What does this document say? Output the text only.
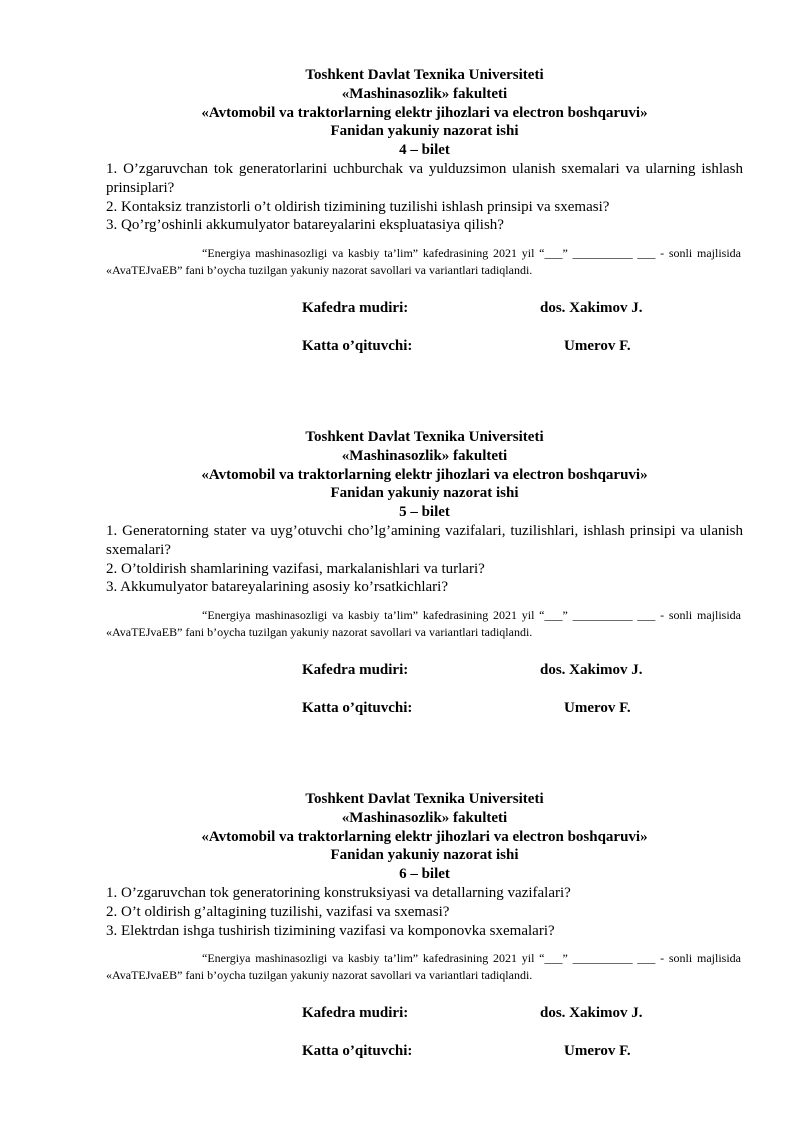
Toshkent Davlat Texnika Universiteti
«Mashinasozlik» fakulteti
«Avtomobil va traktorlarning elektr jihozlari va electron boshqaruvi»
Fanidan yakuniy nazorat ishi
4 – bilet
1. O’zgaruvchan tok generatorlarini uchburchak va yulduzsimon ulanish sxemalari va ularning ishlash prinsiplari?
2. Kontaksiz tranzistorli o’t oldirish tizimining tuzilishi ishlash prinsipi va sxemasi?
3. Qo’rg’oshinli akkumulyator batareyalarini ekspluatasiya qilish?
“Energiya mashinasozligi va kasbiy ta’lim” kafedrasining 2021 yil “___” __________ ___ - sonli majlisida «AvaTEJvaEB” fani b’oycha tuzilgan yakuniy nazorat savollari va variantlari tadiqlandi.
Kafedra mudiri:	dos. Xakimov J.
Katta o’qituvchi:	Umerov F.
Toshkent Davlat Texnika Universiteti
«Mashinasozlik» fakulteti
«Avtomobil va traktorlarning elektr jihozlari va electron boshqaruvi»
Fanidan yakuniy nazorat ishi
5 – bilet
1. Generatorning stater va uyg’otuvchi cho’lg’amining vazifalari, tuzilishlari, ishlash prinsipi va ulanish sxemalari?
2. O’toldirish shamlarining vazifasi, markalanishlari va turlari?
3. Akkumulyator batareyalarining asosiy ko’rsatkichlari?
“Energiya mashinasozligi va kasbiy ta’lim” kafedrasining 2021 yil “___” __________ ___ - sonli majlisida «AvaTEJvaEB” fani b’oycha tuzilgan yakuniy nazorat savollari va variantlari tadiqlandi.
Kafedra mudiri:	dos. Xakimov J.
Katta o’qituvchi:	Umerov F.
Toshkent Davlat Texnika Universiteti
«Mashinasozlik» fakulteti
«Avtomobil va traktorlarning elektr jihozlari va electron boshqaruvi»
Fanidan yakuniy nazorat ishi
6 – bilet
1. O’zgaruvchan tok generatorining konstruksiyasi va detallarning vazifalari?
2. O’t oldirish g’altagining tuzilishi, vazifasi va sxemasi?
3. Elektrdan ishga tushirish tizimining vazifasi va komponovka sxemalari?
“Energiya mashinasozligi va kasbiy ta’lim” kafedrasining 2021 yil “___” __________ ___ - sonli majlisida «AvaTEJvaEB” fani b’oycha tuzilgan yakuniy nazorat savollari va variantlari tadiqlandi.
Kafedra mudiri:	dos. Xakimov J.
Katta o’qituvchi:	Umerov F.
